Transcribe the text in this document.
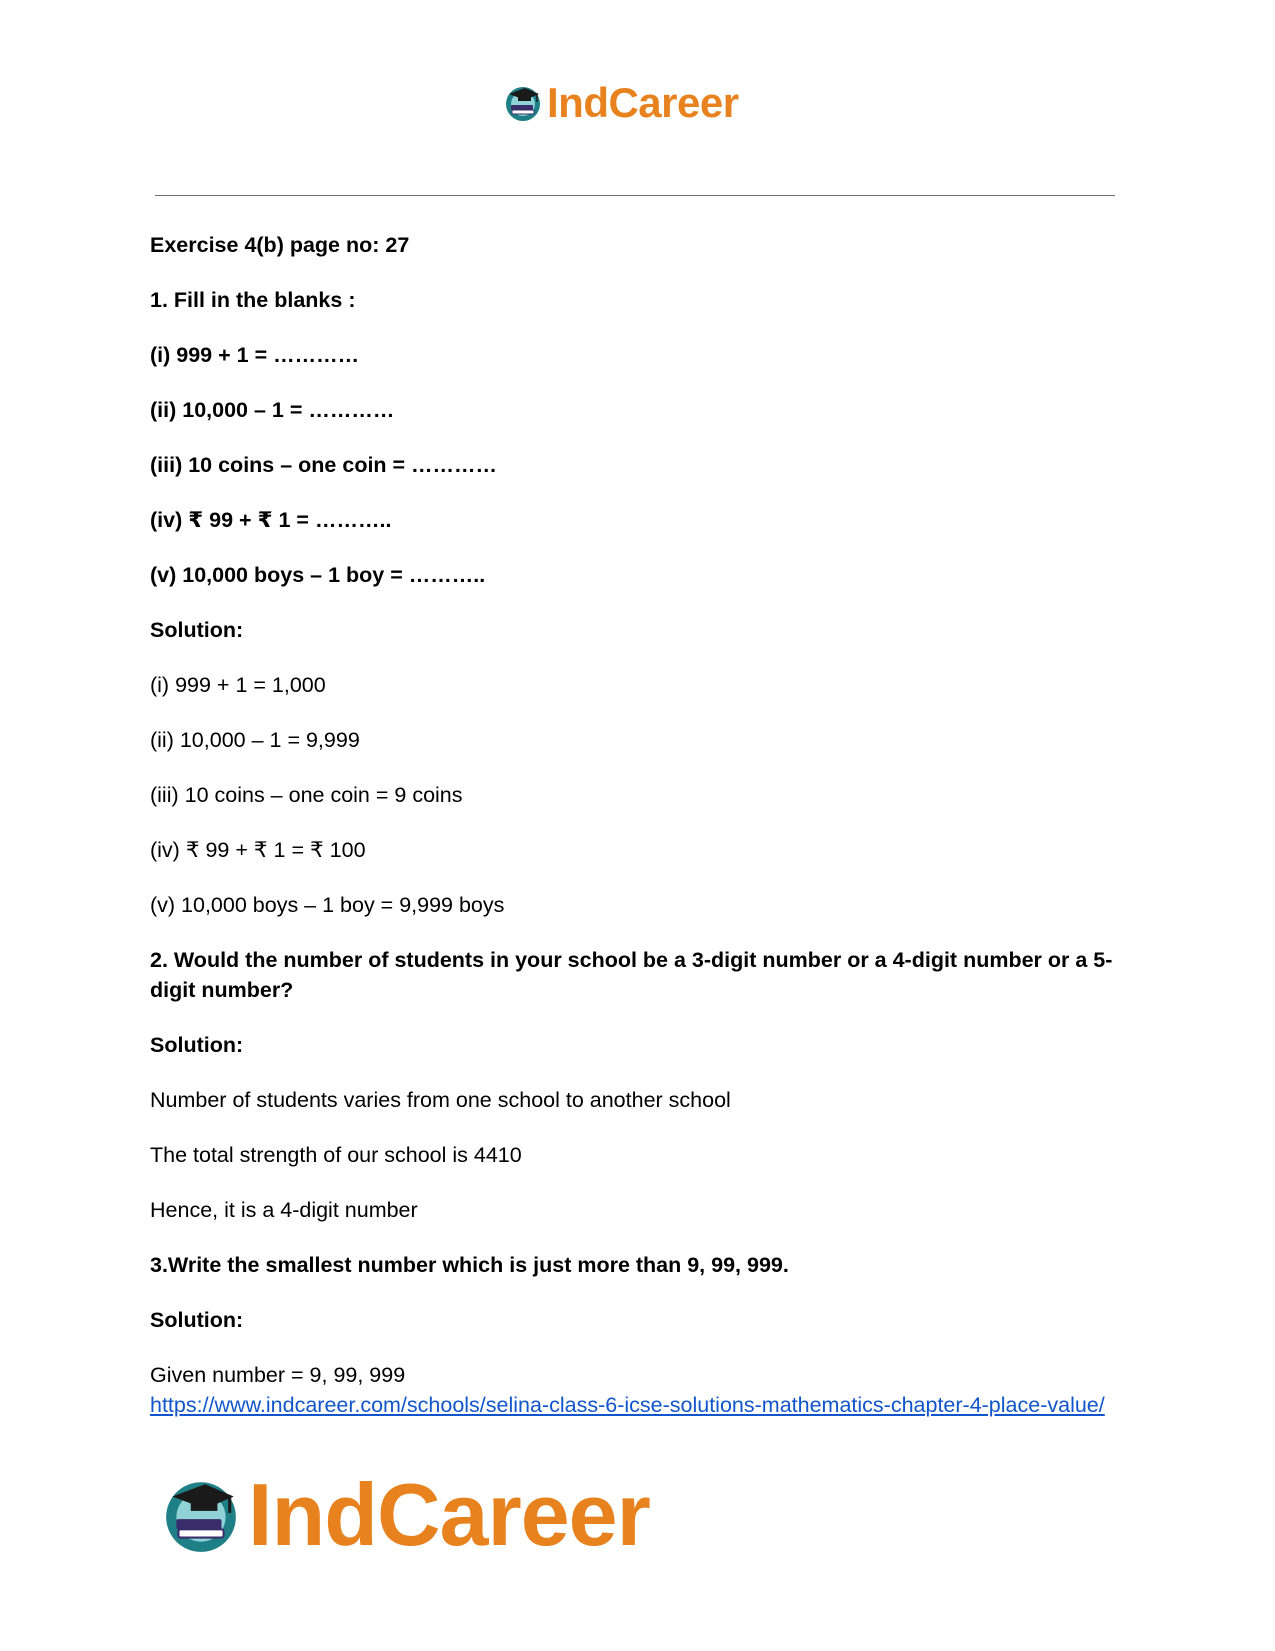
IndCareer

Exercise 4(b) page no: 27

1. Fill in the blanks :

(i) 999 + 1 = …………

(ii) 10,000 – 1 = …………

(iii) 10 coins – one coin = …………

(iv) ₹ 99 + ₹ 1 = ………..

(v) 10,000 boys – 1 boy = ………..

Solution:

(i) 999 + 1 = 1,000

(ii) 10,000 – 1 = 9,999

(iii) 10 coins – one coin = 9 coins

(iv) ₹ 99 + ₹ 1 = ₹ 100

(v) 10,000 boys – 1 boy = 9,999 boys

2. Would the number of students in your school be a 3-digit number or a 4-digit number or a 5-digit number?

Solution:

Number of students varies from one school to another school

The total strength of our school is 4410

Hence, it is a 4-digit number

3.Write the smallest number which is just more than 9, 99, 999.

Solution:

Given number = 9, 99, 999

https://www.indcareer.com/schools/selina-class-6-icse-solutions-mathematics-chapter-4-place-value/
IndCareer
